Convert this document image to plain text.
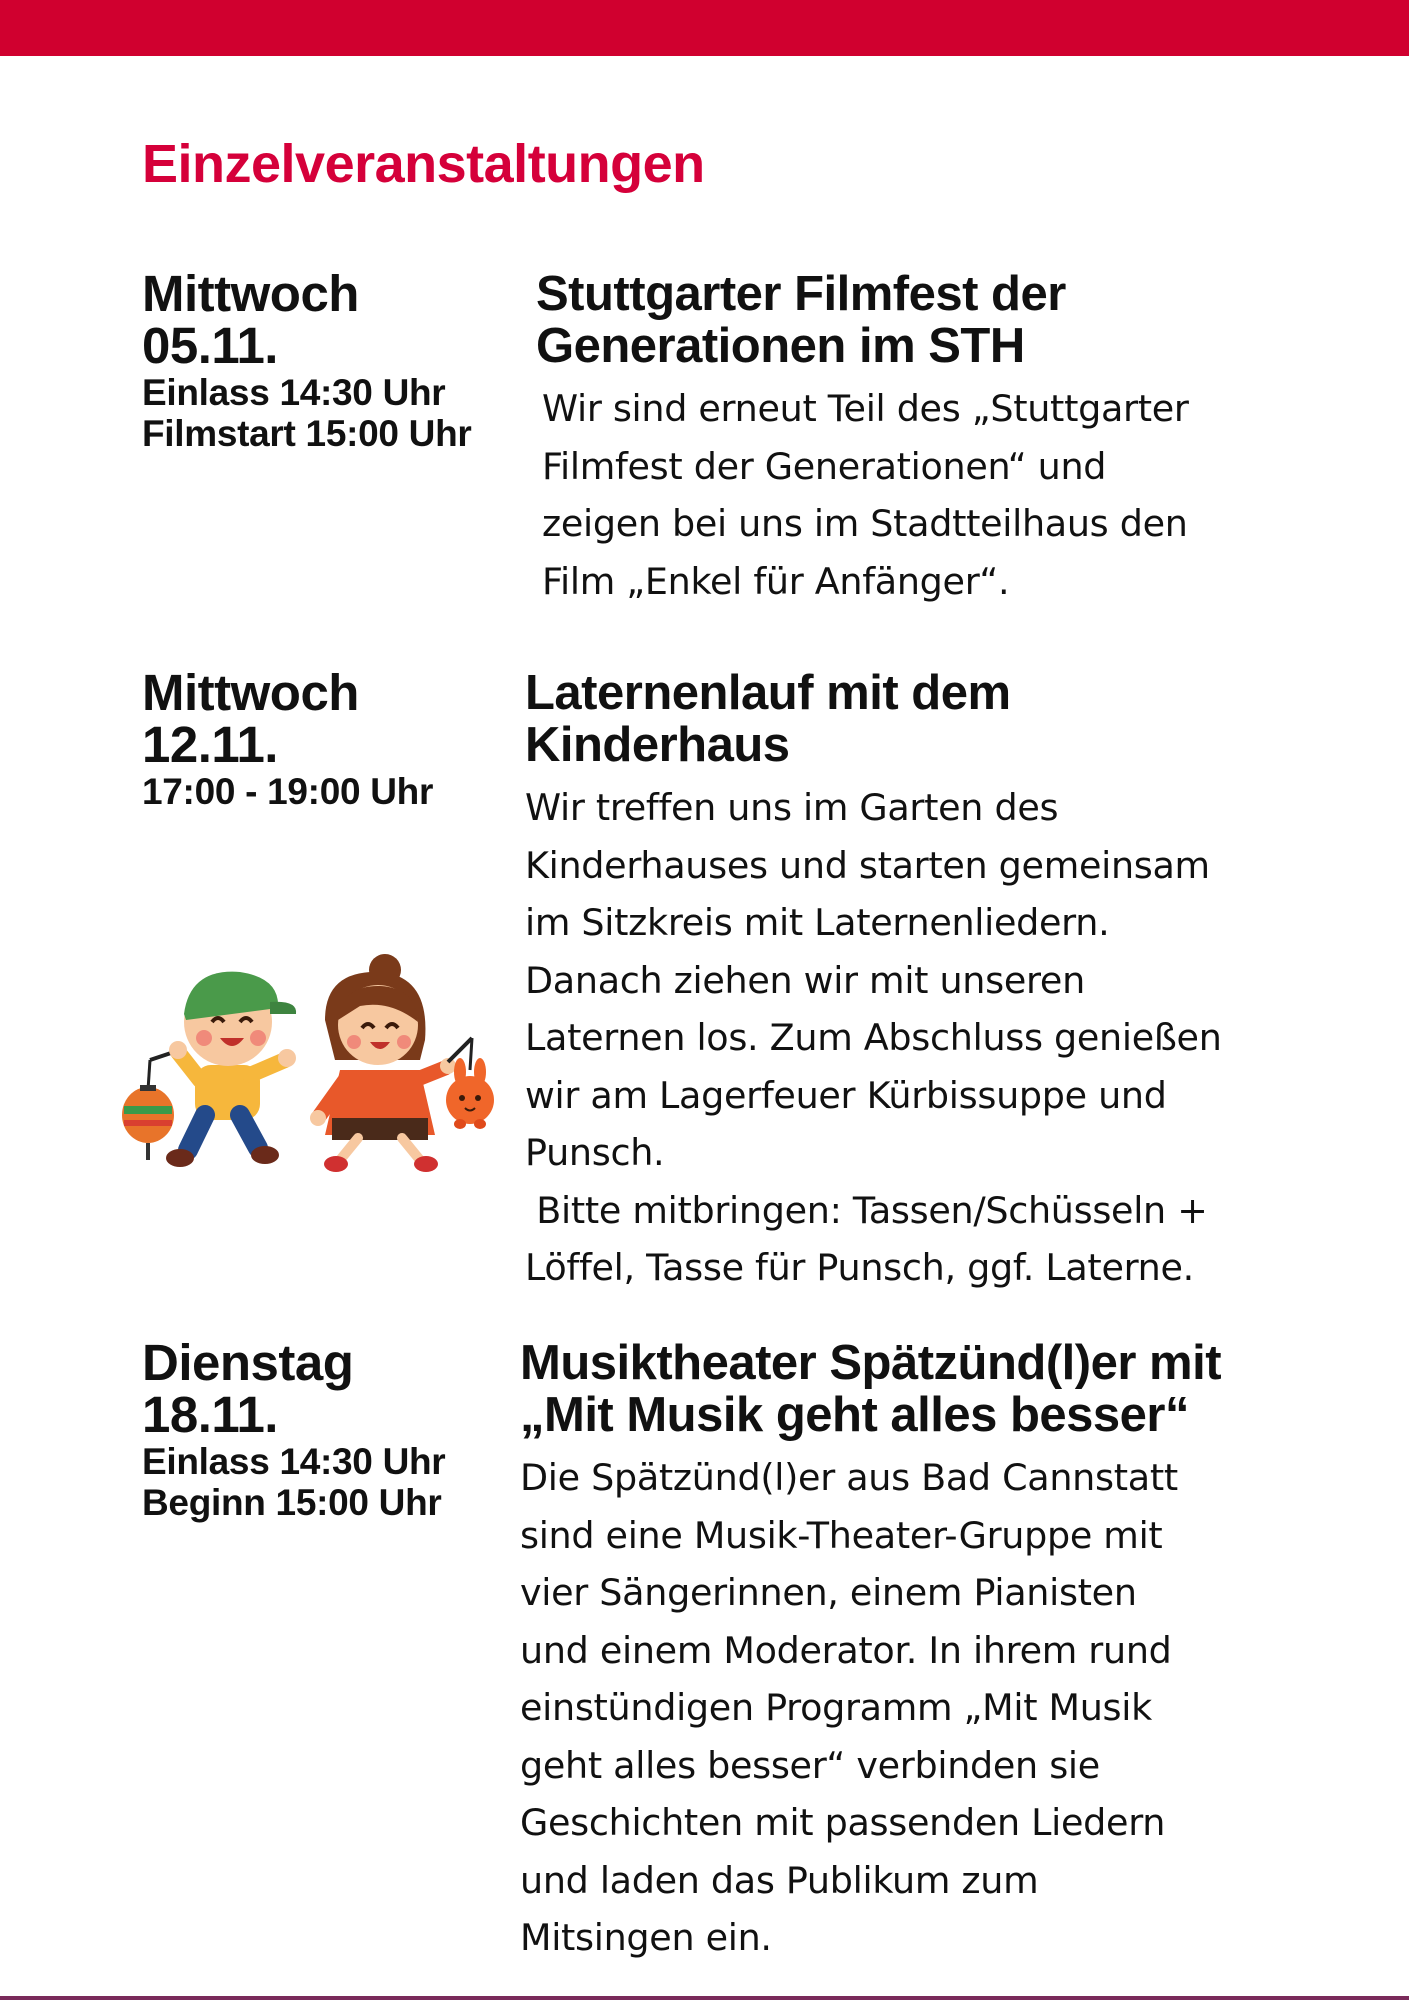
Einzelveranstaltungen
Mittwoch
05.11.
Einlass 14:30 Uhr
Filmstart 15:00 Uhr
Stuttgarter Filmfest der
Generationen im STH

Wir sind erneut Teil des „Stuttgarter
Filmfest der Generationen“ und
zeigen bei uns im Stadtteilhaus den
Film „Enkel für Anfänger“.

Mittwoch
12.11.
17:00 - 19:00 Uhr
Laternenlauf mit dem
Kinderhaus

Wir treffen uns im Garten des
Kinderhauses und starten gemeinsam
im Sitzkreis mit Laternenliedern.
Danach ziehen wir mit unseren
Laternen los. Zum Abschluss genießen
wir am Lagerfeuer Kürbissuppe und
Punsch.
Bitte mitbringen: Tassen/Schüsseln +
Löffel, Tasse für Punsch, ggf. Laterne.

Dienstag
18.11.
Einlass 14:30 Uhr
Beginn 15:00 Uhr
Musiktheater Spätzünd(l)er mit
„Mit Musik geht alles besser“

Die Spätzünd(l)er aus Bad Cannstatt
sind eine Musik-Theater-Gruppe mit
vier Sängerinnen, einem Pianisten
und einem Moderator. In ihrem rund
einstündigen Programm „Mit Musik
geht alles besser“ verbinden sie
Geschichten mit passenden Liedern
und laden das Publikum zum
Mitsingen ein.
